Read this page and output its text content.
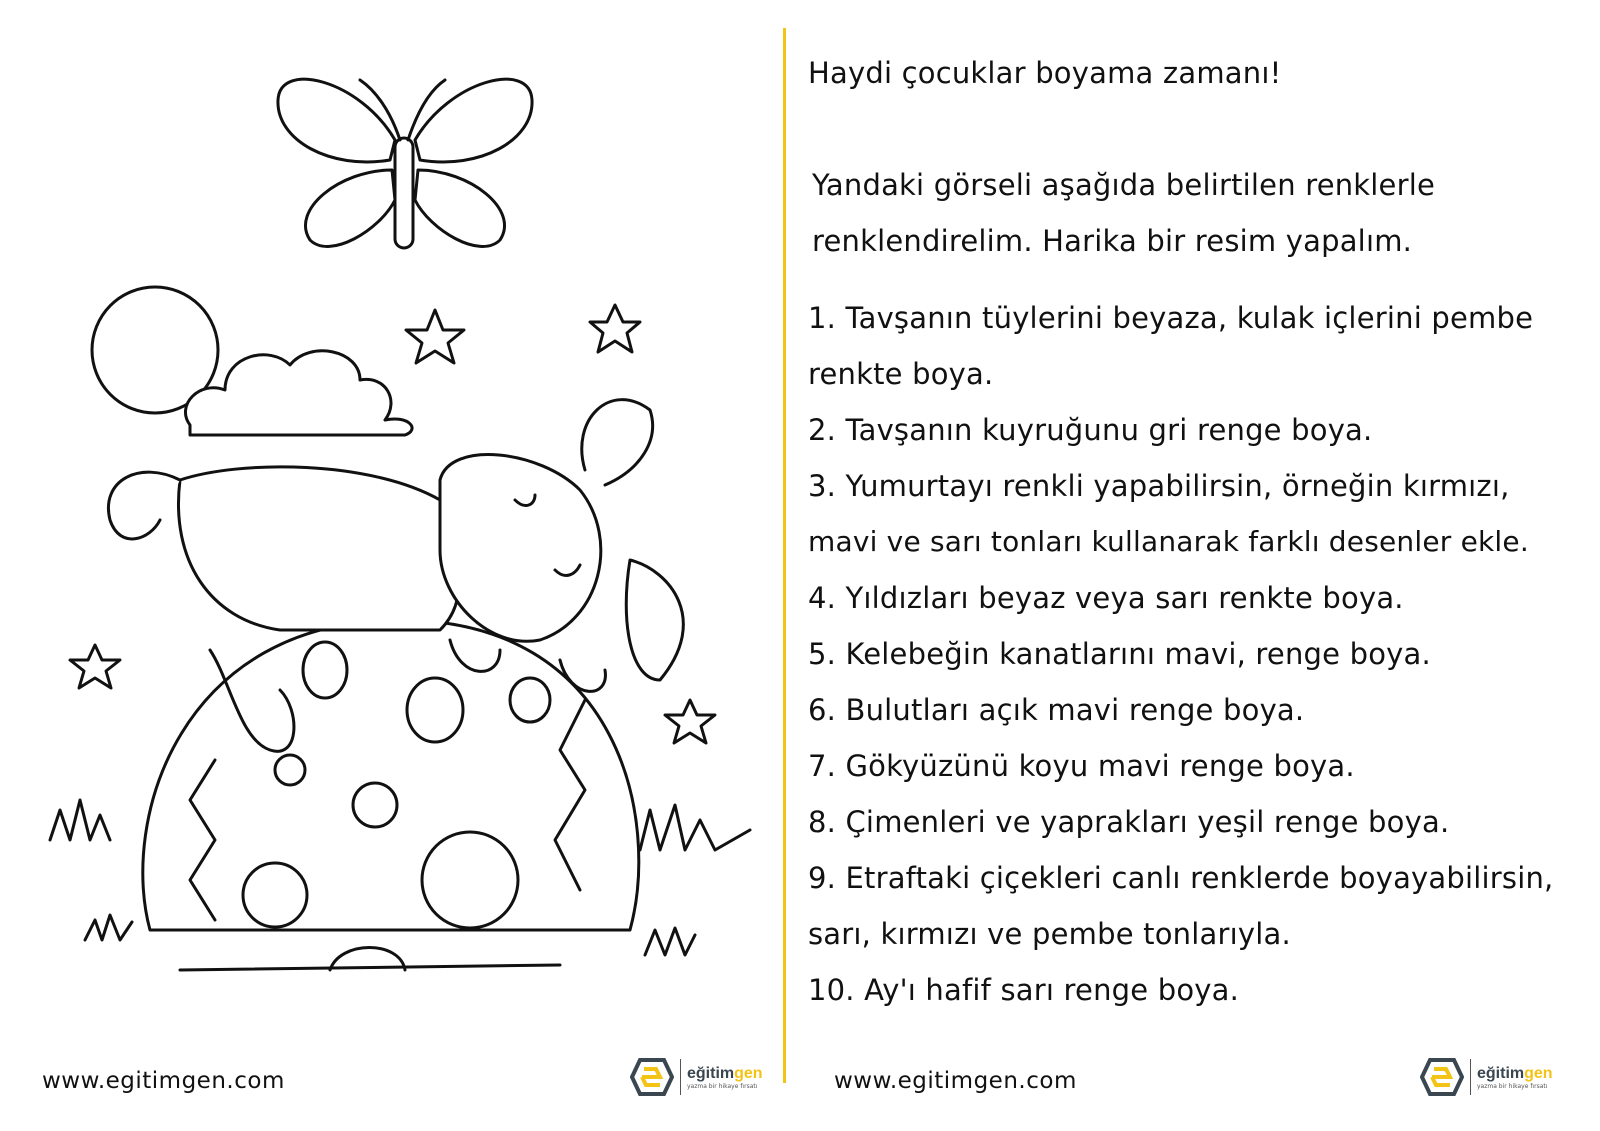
www.egitimgen.com	eğitimgen
yazma bir hikaye fırsatı
Haydi çocuklar boyama zamanı!
Yandaki görseli aşağıda belirtilen renklerle
renklendirelim. Harika bir resim yapalım.
1. Tavşanın tüylerini beyaza, kulak içlerini pembe
renkte boya.
2. Tavşanın kuyruğunu gri renge boya.
3. Yumurtayı renkli yapabilirsin, örneğin kırmızı,
mavi ve sarı tonları kullanarak farklı desenler ekle.
4. Yıldızları beyaz veya sarı renkte boya.
5. Kelebeğin kanatlarını mavi, renge boya.
6. Bulutları açık mavi renge boya.
7. Gökyüzünü koyu mavi renge boya.
8. Çimenleri ve yaprakları yeşil renge boya.
9. Etraftaki çiçekleri canlı renklerde boyayabilirsin,
sarı, kırmızı ve pembe tonlarıyla.
10. Ay'ı hafif sarı renge boya.
www.egitimgen.com	eğitimgen
yazma bir hikaye fırsatı
